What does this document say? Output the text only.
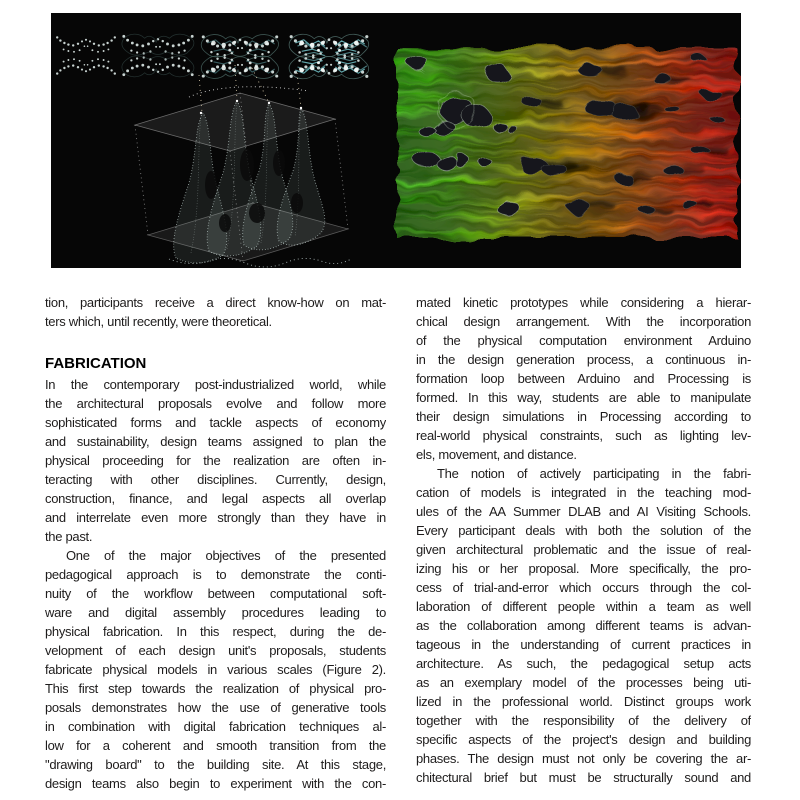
tion, participants receive a direct know-how on mat-
ters which, until recently, were theoretical.
FABRICATION
In the contemporary post-industrialized world, while
the architectural proposals evolve and follow more
sophisticated forms and tackle aspects of economy
and sustainability, design teams assigned to plan the
physical proceeding for the realization are often in-
teracting with other disciplines. Currently, design,
construction, finance, and legal aspects all overlap
and interrelate even more strongly than they have in
the past.
One of the major objectives of the presented
pedagogical approach is to demonstrate the conti-
nuity of the workflow between computational soft-
ware and digital assembly procedures leading to
physical fabrication. In this respect, during the de-
velopment of each design unit's proposals, students
fabricate physical models in various scales (Figure 2).
This first step towards the realization of physical pro-
posals demonstrates how the use of generative tools
in combination with digital fabrication techniques al-
low for a coherent and smooth transition from the
"drawing board" to the building site. At this stage,
design teams also begin to experiment with the con-
mated kinetic prototypes while considering a hierar-
chical design arrangement. With the incorporation
of the physical computation environment Arduino
in the design generation process, a continuous in-
formation loop between Arduino and Processing is
formed. In this way, students are able to manipulate
their design simulations in Processing according to
real-world physical constraints, such as lighting lev-
els, movement, and distance.
The notion of actively participating in the fabri-
cation of models is integrated in the teaching mod-
ules of the AA Summer DLAB and AI Visiting Schools.
Every participant deals with both the solution of the
given architectural problematic and the issue of real-
izing his or her proposal. More specifically, the pro-
cess of trial-and-error which occurs through the col-
laboration of different people within a team as well
as the collaboration among different teams is advan-
tageous in the understanding of current practices in
architecture. As such, the pedagogical setup acts
as an exemplary model of the processes being uti-
lized in the professional world. Distinct groups work
together with the responsibility of the delivery of
specific aspects of the project's design and building
phases. The design must not only be covering the ar-
chitectural brief but must be structurally sound and
